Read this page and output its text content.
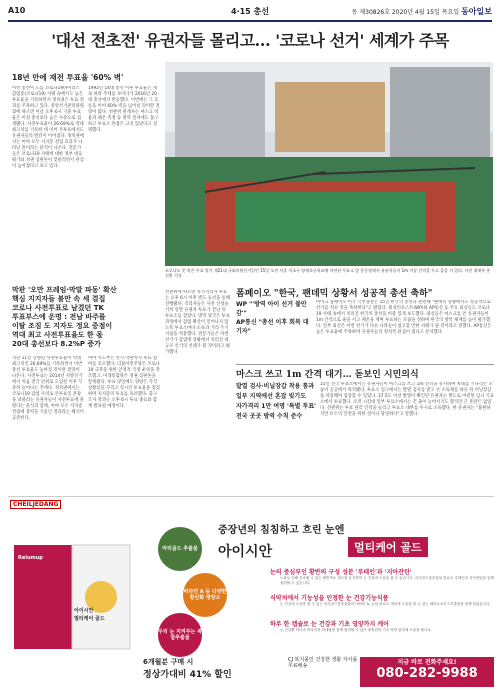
A10	4·15 총선	동 제30826호 2020년 4월 15일 목요일 동아일보
'대선 전초전' 유권자들 몰리고… '코로나 선거' 세계가 주목
18년 만에 재전 투표율 '60% 벽'
이번 총선이 도를 코로나19바이러스 감염증(코로나19) 사태 속에서도 높은 투표율을 기록하면서 정치권은 투표 결과를 주목하고 있다. 중앙선거관리위원회에 따르면 이날 오후 6시 기준 투표율은 이전 총선보다 높은 수준으로 집계됐다. 사전투표율이 26.69%로 역대 최고치를 기록한 데 이어 본투표에서도 유권자들의 발길이 이어졌다. 정치권에서는 여야 모두 지지층 결집 효과가 나타난 것이라는 분석이 나온다. 전문가들은 코로나19 사태에 대한 정부 대응 평가와 정권 심판론이 맞물리면서 관심이 높아졌다고 보고 있다.
1992년 14대 총선 이후 투표율은 계속 하락 추세를 보이다가 2016년 20대 총선에서 반등했다. 이번에는 그 흐름을 이어 60% 벽을 넘어설 것이란 전망이 많다. 선관위 관계자는 마스크 착용과 체온 측정 등 방역 절차에도 불구하고 투표소 혼잡은 크지 않았다고 설명했다.
코로나도 못 막은 투표 열기 제21대 국회의원선거일인 15일 오전 서울 서초구 양재초등학교에 마련된 투표소 앞 운동장에서 유권자들이 1m 이상 간격을 두고 줄을 서 있다. 사진 취재부 홍진환 기자
막판 '오만 프레임·막말 파동' 확산
핵심 지지자들 불만 속 세 결집
코로나 사전투표로 남겼던 TK
투표부스에 운명 : 전남 바주를
이탈 조짐 도 지자도 정요 중점이
역대 최고 사전투표율도 한 몫
20대 총선보다 8.2%P 증가
지난 11일 진행된 사전투표율이 역대 최고치인 26.69%를 기록하면서 이번 총선 투표율도 높아질 것이란 전망이 나온다. 사전투표는 2014년 지방선거에서 처음 전국 단위로 도입된 이후 꾸준히 늘어나는 추세다. 정치권에서는 코로나19 감염 우려로 본투표일 혼잡을 피하려는 유권자들이 사전투표에 몰렸다는 분석과 함께, 여야 모두 지지층 결집에 총력을 기울인 결과라는 해석이 공존한다.
여야 지도부는 선거 막판까지 투표 참여를 호소했다. 더불어민주당은 코로나19 극복을 위한 안정적 국정 운영을 강조했고, 미래통합당은 정권 심판론을 앞세웠다. 투표 당일에도 양당은 각각 상황실을 꾸리고 실시간 투표율을 점검하며 지지층의 투표를 독려했다. 출구조사 결과는 오후 6시 투표 종료와 함께 발표될 예정이다.
선관위에 따르면 자가격리자 투표는 오후 6시 이후 별도 동선을 통해 진행됐다. 격리자들은 사전 신청을 거쳐 일반 유권자 투표가 끝난 뒤 투표소를 찾았다. 방역 당국은 투표 과정에서 감염 확산이 일어나지 않도록 투표소마다 소독과 거리 두기 지침을 적용했다. 전문가들은 이번 선거가 감염병 상황에서 치러진 대규모 선거의 선례가 될 것이라고 평가했다.
폼페이오 "한국, 팬데믹 상황서 성공적 총선 축하"
WP "'방역 아이 선거 불안감'"
AP통신 "총선 이후 회복 대기자"
마이크 폼페이오 미국 국무장관은 15일 한국의 총선과 관련해 "팬데믹 상황에서도 성공적으로 선거를 치른 것을 축하한다"고 밝혔다. 워싱턴포스트(WP)와 AP통신 등 주요 외신들도 코로나19 사태 속에서 치러진 한국의 총선을 비중 있게 보도했다. 외신들은 마스크를 쓴 유권자들이 1m 간격으로 줄을 서고 체온을 재며 투표하는 모습을 전하며 한국의 방역 체계를 높이 평가했다. 일부 외신은 이번 선거가 다른 나라들이 참고할 만한 사례가 될 것이라고 전했다. AP통신은 높은 투표율에 주목하며 유권자들의 정치적 관심이 컸다고 분석했다.
마스크 쓰고 1m 간격 대기… 돋보인 시민의식
발열 검사·비닐장갑 착용 통과
일부 지역에선 혼잡 빚기도
자가격리 1만 여명 '특별 투표'
전국 곳곳 방역 수칙 준수
15일 전국 투표소에서는 유권자들이 마스크를 쓰고 1m 간격을 유지하며 차례를 기다리는 모습이 곳곳에서 목격됐다. 투표소 입구에서는 발열 검사를 받고 손 소독제를 바른 뒤 비닐장갑을 착용해야 입장할 수 있었다. 37.5도 이상 발열이 확인된 유권자는 별도로 마련된 임시 기표소에서 투표했다. 오전 시간대 일부 투표소에서는 긴 줄이 늘어서기도 했지만 큰 혼란은 없었다. 선관위는 투표 관리 인력을 늘리고 투표소 내부를 수시로 소독했다. 한 유권자는 "불편하지만 모두의 안전을 위한 것이니 당연하다"고 말했다.
CHEILJEDANG
Reiumup
아이시안
멀티케어 골드
마리골드 추출물
비타민 A 등 다양한 항산화 영양소
우리 눈 지켜주는 복합추출물
중장년의 침침하고 흐린 눈엔
아이시안	멀티케어 골드
눈의 중심부인 황반의 구성 성분 '루테인'과 '지아잔틴'
노화로 인해 감소될 수 있는 황반색소 밀도를 유지하여 눈 건강에 도움을 줄 수 있습니다. 마리골드꽃추출물 함유로 루테인과 지아잔틴을 함께 섭취할 수 있습니다.
식약처에서 기능성을 인정한 눈 건강기능식품
눈 건강에 도움을 줄 수 있는 마리골드꽃추출물과 비타민 A, 눈의 피로도 개선에 도움을 줄 수 있는 헤마토코쿠스추출물을 함께 담았습니다.
하루 한 캡슐로 눈 건강과 기초 영양까지 케어
눈 건강뿐 아니라 비타민과 미네랄을 함께 섭취할 수 있어 중장년의 기초 영양 관리에 도움을 줍니다.
6개월분 구매 시
정상가대비 41% 할인
CJ 복지몰인 건강한 생활 자사몰 무료배송	지금 바로 전화주세요!
080-282-9988
